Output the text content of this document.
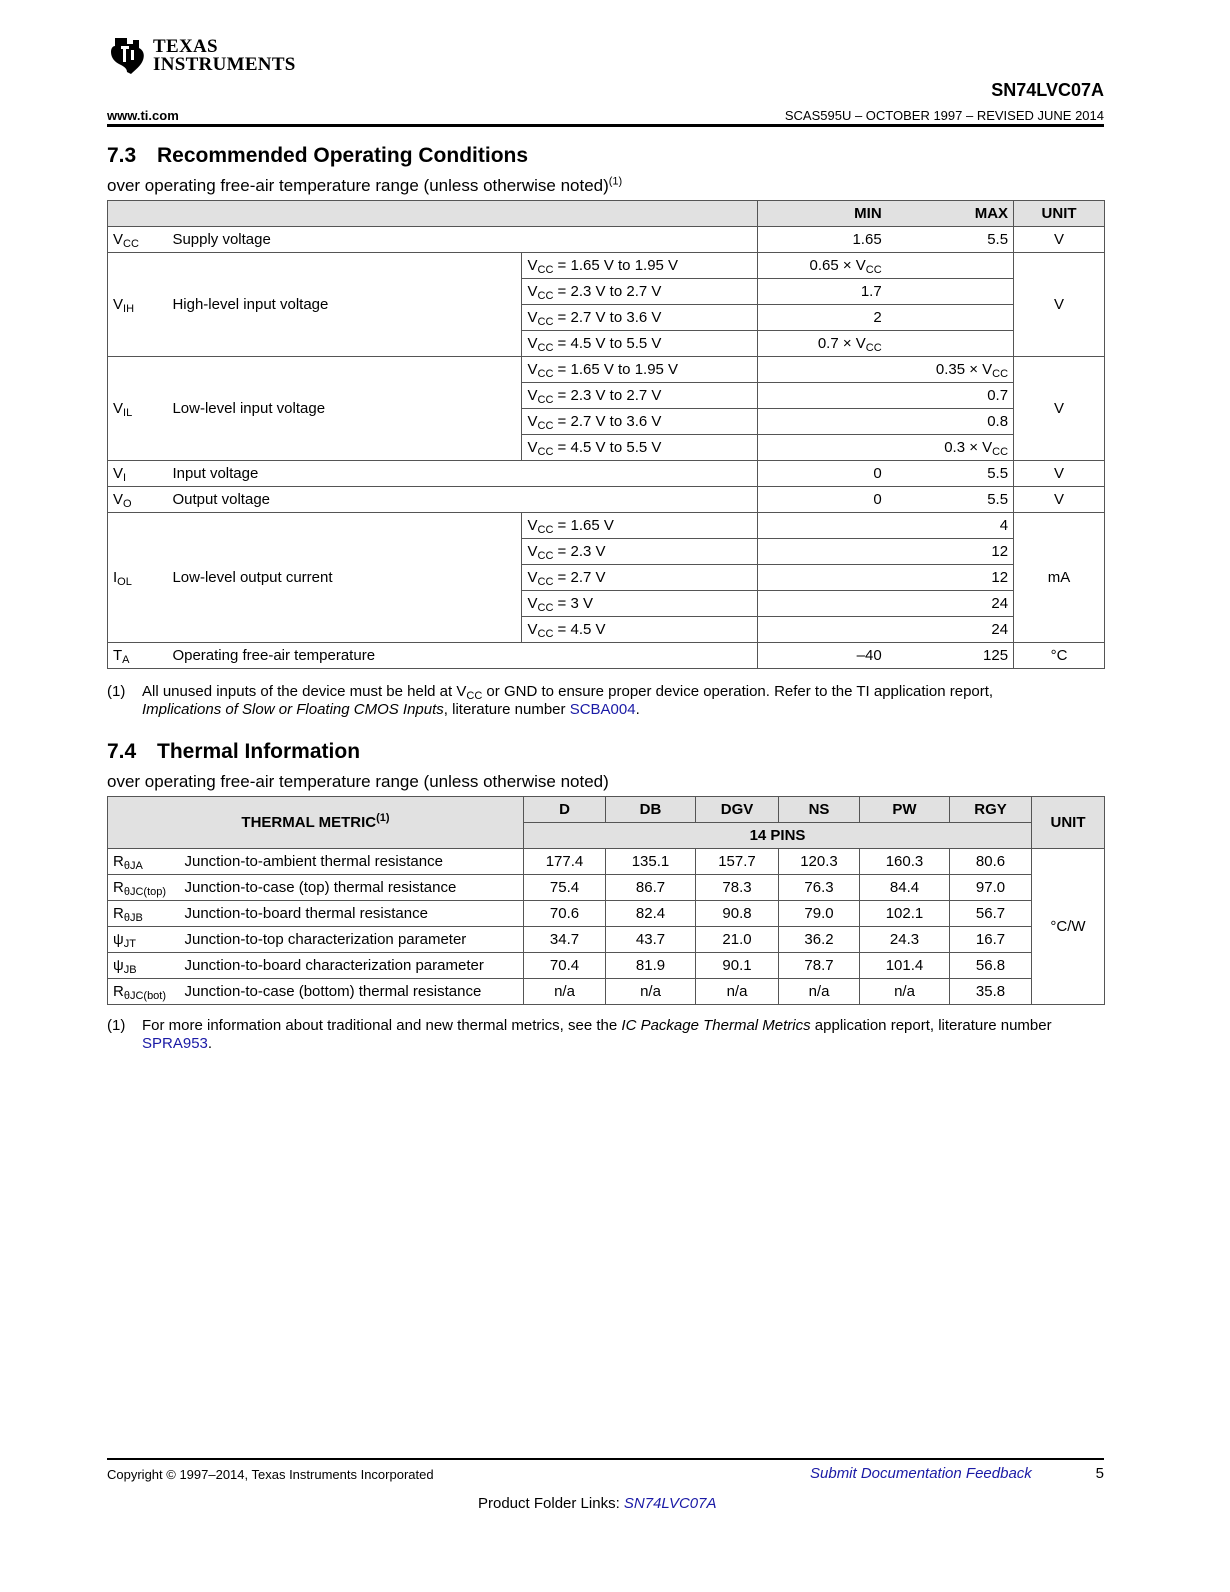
TEXAS
INSTRUMENTS
SN74LVC07A
www.ti.com	SCAS595U – OCTOBER 1997 – REVISED JUNE 2014
7.3 Recommended Operating Conditions
over operating free-air temperature range (unless otherwise noted)$^{(1)}$
			MIN	MAX	UNIT
$V_{CC}$	Supply voltage		1.65	5.5	V
$V_{IH}$	High-level input voltage	$V_{CC} = 1.65$ V to 1.95 V	$0.65 \times V_{CC}$		V
		$V_{CC} = 2.3$ V to 2.7 V	1.7		
		$V_{CC} = 2.7$ V to 3.6 V	2		
		$V_{CC} = 4.5$ V to 5.5 V	$0.7 \times V_{CC}$	
$V_{IL}$	Low-level input voltage	$V_{CC} = 1.65$ V to 1.95 V		$0.35 \times V_{CC}$	V
		$V_{CC} = 2.3$ V to 2.7 V		0.7	
		$V_{CC} = 2.7$ V to 3.6 V		0.8	
		$V_{CC} = 4.5$ V to 5.5 V		$0.3 \times V_{CC}$
$V_I$	Input voltage		0	5.5	V
$V_O$	Output voltage		0	5.5	V
$I_{OL}$	Low-level output current	$V_{CC} = 1.65$ V		4	mA
		$V_{CC} = 2.3$ V		12	
		$V_{CC} = 2.7$ V		12	
		$V_{CC} = 3$ V		24	
		$V_{CC} = 4.5$ V		24	
$T_A$	Operating free-air temperature		–40	125	°C
(1) All unused inputs of the device must be held at $V_{CC}$ or GND to ensure proper device operation. Refer to the TI application report,
Implications of Slow or Floating CMOS Inputs, literature number SCBA004.
7.4 Thermal Information
over operating free-air temperature range (unless otherwise noted)
THERMAL METRIC$^{(1)}$		D	DB	DGV	NS	PW	RGY	UNIT
		14 PINS						
$R_{\theta JA}$	Junction-to-ambient thermal resistance	177.4	135.1	157.7	120.3	160.3	80.6	°C/W
$R_{\theta JC(top)}$	Junction-to-case (top) thermal resistance	75.4	86.7	78.3	76.3	84.4	97.0	
$R_{\theta JB}$	Junction-to-board thermal resistance	70.6	82.4	90.8	79.0	102.1	56.7	
$\psi_{JT}$	Junction-to-top characterization parameter	34.7	43.7	21.0	36.2	24.3	16.7	
$\psi_{JB}$	Junction-to-board characterization parameter	70.4	81.9	90.1	78.7	101.4	56.8	
$R_{\theta JC(bot)}$	Junction-to-case (bottom) thermal resistance	n/a	n/a	n/a	n/a	n/a	35.8	
(1) For more information about traditional and new thermal metrics, see the IC Package Thermal Metrics application report, literature number SPRA953.
Copyright © 1997–2014, Texas Instruments Incorporated	Submit Documentation Feedback	5
Product Folder Links: SN74LVC07A
